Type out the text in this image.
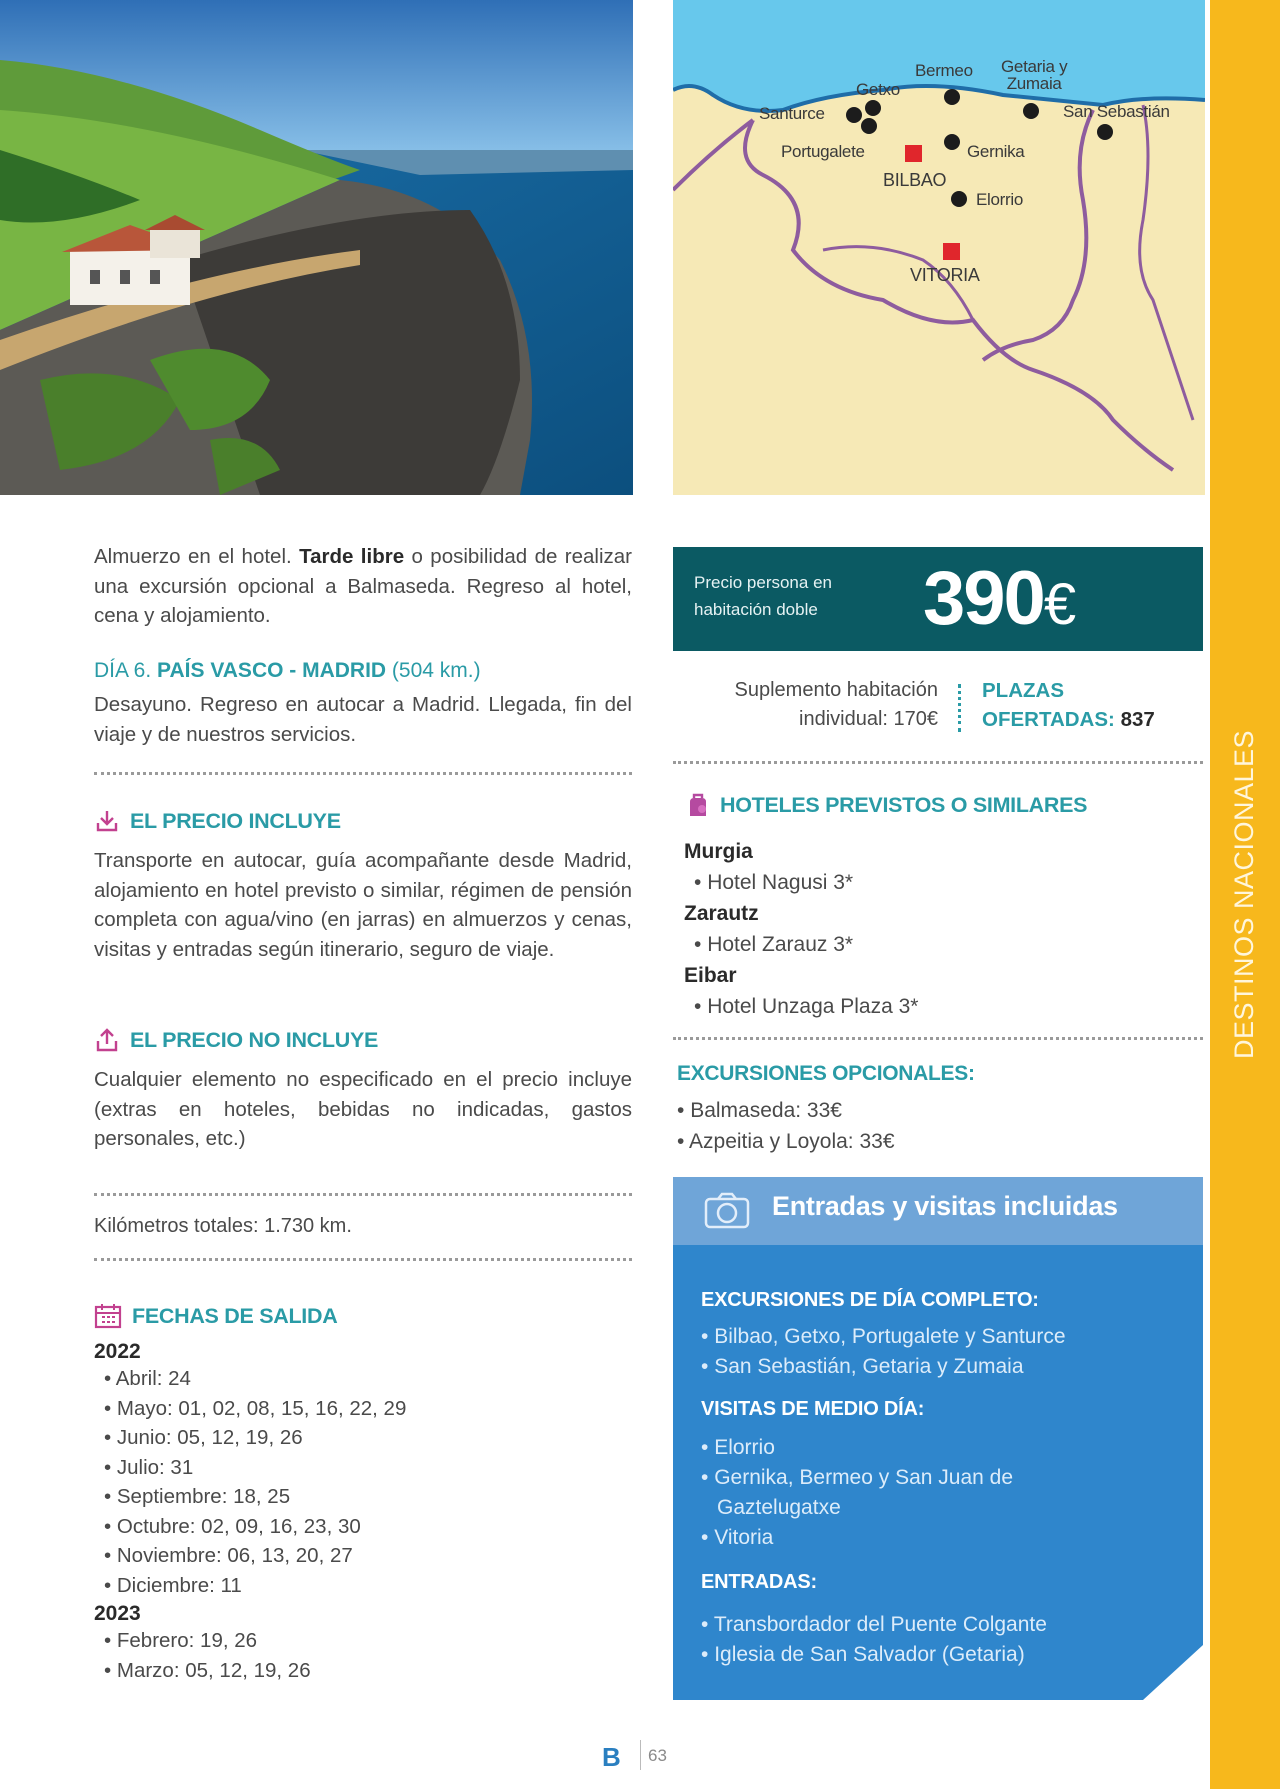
Santurce
Getxo
Bermeo Getaria y
Zumaia
San Sebastián
Portugalete	Gernika
BILBAO
Elorrio
VITORIA
DESTINOS NACIONALES
Almuerzo en el hotel. Tarde libre o posibilidad de realizar una excursión opcional a Balmaseda. Regreso al hotel, cena y alojamiento.
DÍA 6. PAÍS VASCO - MADRID (504 km.)
Desayuno. Regreso en autocar a Madrid. Llegada, fin del viaje y de nuestros servicios.
EL PRECIO INCLUYE
Transporte en autocar, guía acompañante desde Madrid, alojamiento en hotel previsto o similar, régimen de pensión completa con agua/vino (en jarras) en almuerzos y cenas, visitas y entradas según itinerario, seguro de viaje.
EL PRECIO NO INCLUYE
Cualquier elemento no especificado en el precio incluye (extras en hoteles, bebidas no indicadas, gastos personales, etc.)
Kilómetros totales: 1.730 km.
FECHAS DE SALIDA
2022
• Abril: 24
• Mayo: 01, 02, 08, 15, 16, 22, 29
• Junio: 05, 12, 19, 26
• Julio: 31
• Septiembre: 18, 25
• Octubre: 02, 09, 16, 23, 30
• Noviembre: 06, 13, 20, 27
• Diciembre: 11
2023
• Febrero: 19, 26
• Marzo: 05, 12, 19, 26
Precio persona en
habitación doble 390€
Suplemento habitación
individual: 170€
PLAZAS
OFERTADAS: 837
HOTELES PREVISTOS O SIMILARES
Murgia
• Hotel Nagusi 3*
Zarautz
• Hotel Zarauz 3*
Eibar
• Hotel Unzaga Plaza 3*
EXCURSIONES OPCIONALES:
• Balmaseda: 33€
• Azpeitia y Loyola: 33€
Entradas y visitas incluidas
EXCURSIONES DE DÍA COMPLETO:
• Bilbao, Getxo, Portugalete y Santurce
• San Sebastián, Getaria y Zumaia
VISITAS DE MEDIO DÍA:
• Elorrio
• Gernika, Bermeo y San Juan de
Gaztelugatxe
• Vitoria
ENTRADAS:
• Transbordador del Puente Colgante
• Iglesia de San Salvador (Getaria)
B 63
